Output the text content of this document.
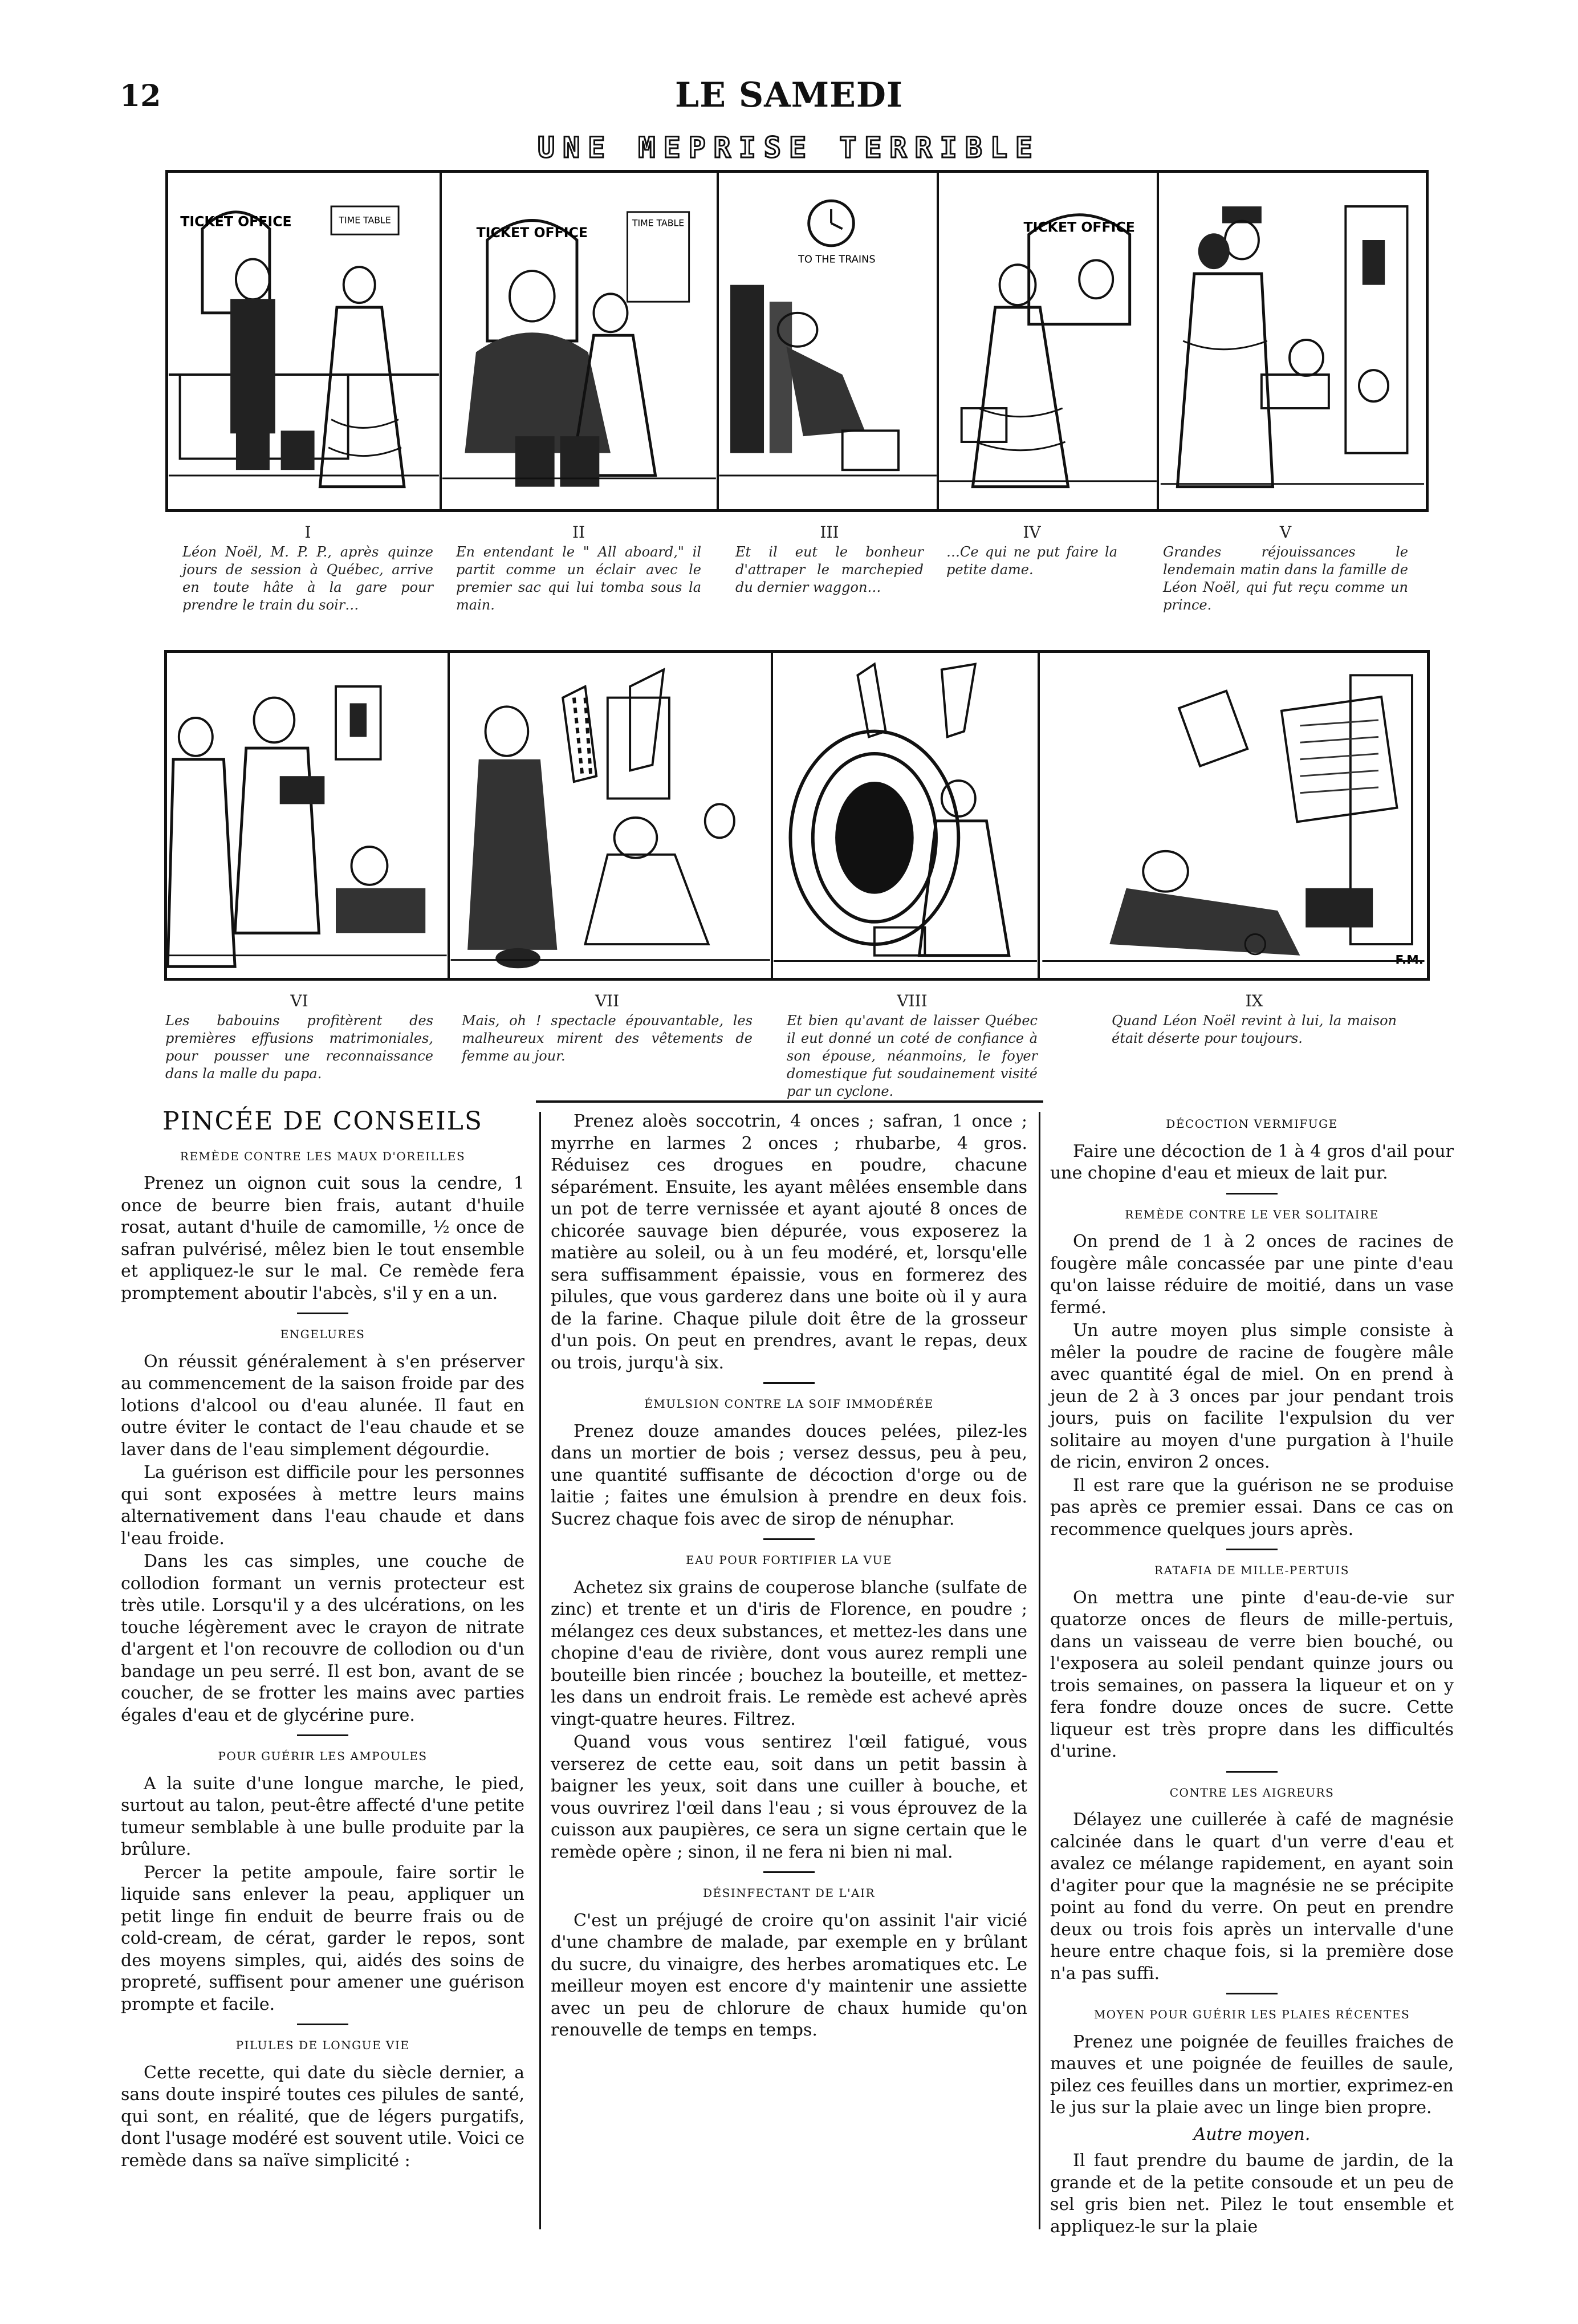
12	LE SAMEDI
UNE MEPRISE TERRIBLE
TICKET OFFICE	TIME TABLE
TICKET OFFICE
TIME TABLE
TO THE TRAINS
TICKET OFFICE
I
Léon Noël, M. P. P., après quinze jours de session à Québec, arrive en toute hâte à la gare pour prendre le train du soir…
II
En entendant le " All aboard," il partit comme un éclair avec le premier sac qui lui tomba sous la main.
III
Et il eut le bonheur d'attraper le marchepied du dernier waggon…
IV
…Ce qui ne put faire la petite dame.
V
Grandes réjouissances le lendemain matin dans la famille de Léon Noël, qui fut reçu comme un prince.
F.M.
VI
Les babouins profitèrent des premières effusions matrimoniales, pour pousser une reconnaissance dans la malle du papa.
VII
Mais, oh ! spectacle épouvantable, les malheureux mirent des vêtements de femme au jour.
VIII
Et bien qu'avant de laisser Québec il eut donné un coté de confiance à son épouse, néanmoins, le foyer domestique fut soudainement visité par un cyclone.
IX
Quand Léon Noël revint à lui, la maison était déserte pour toujours.
PINCÉE DE CONSEILS
REMÈDE CONTRE LES MAUX D'OREILLES

Prenez un oignon cuit sous la cendre, 1 once de beurre bien frais, autant d'huile rosat, autant d'huile de camomille, ½ once de safran pulvérisé, mêlez bien le tout ensemble et appliquez-le sur le mal. Ce remède fera promptement aboutir l'abcès, s'il y en a un.

ENGELURES

On réussit généralement à s'en préserver au commencement de la saison froide par des lotions d'alcool ou d'eau alunée. Il faut en outre éviter le contact de l'eau chaude et se laver dans de l'eau simplement dégourdie.

La guérison est difficile pour les personnes qui sont exposées à mettre leurs mains alternativement dans l'eau chaude et dans l'eau froide.

Dans les cas simples, une couche de collodion formant un vernis protecteur est très utile. Lorsqu'il y a des ulcérations, on les touche légèrement avec le crayon de nitrate d'argent et l'on recouvre de collodion ou d'un bandage un peu serré. Il est bon, avant de se coucher, de se frotter les mains avec parties égales d'eau et de glycérine pure.

POUR GUÉRIR LES AMPOULES

A la suite d'une longue marche, le pied, surtout au talon, peut-être affecté d'une petite tumeur semblable à une bulle produite par la brûlure.

Percer la petite ampoule, faire sortir le liquide sans enlever la peau, appliquer un petit linge fin enduit de beurre frais ou de cold-cream, de cérat, garder le repos, sont des moyens simples, qui, aidés des soins de propreté, suffisent pour amener une guérison prompte et facile.

PILULES DE LONGUE VIE

Cette recette, qui date du siècle dernier, a sans doute inspiré toutes ces pilules de santé, qui sont, en réalité, que de légers purgatifs, dont l'usage modéré est souvent utile. Voici ce remède dans sa naïve simplicité :

Prenez aloès soccotrin, 4 onces ; safran, 1 once ; myrrhe en larmes 2 onces ; rhubarbe, 4 gros. Réduisez ces drogues en poudre, chacune séparément. Ensuite, les ayant mêlées ensemble dans un pot de terre vernissée et ayant ajouté 8 onces de chicorée sauvage bien dépurée, vous exposerez la matière au soleil, ou à un feu modéré, et, lorsqu'elle sera suffisamment épaissie, vous en formerez des pilules, que vous garderez dans une boite où il y aura de la farine. Chaque pilule doit être de la grosseur d'un pois. On peut en prendres, avant le repas, deux ou trois, jurqu'à six.

ÉMULSION CONTRE LA SOIF IMMODÉRÉE

Prenez douze amandes douces pelées, pilez-les dans un mortier de bois ; versez dessus, peu à peu, une quantité suffisante de décoction d'orge ou de laitie ; faites une émulsion à prendre en deux fois. Sucrez chaque fois avec de sirop de nénuphar.

EAU POUR FORTIFIER LA VUE

Achetez six grains de couperose blanche (sulfate de zinc) et trente et un d'iris de Florence, en poudre ; mélangez ces deux substances, et mettez-les dans une chopine d'eau de rivière, dont vous aurez rempli une bouteille bien rincée ; bouchez la bouteille, et mettez-les dans un endroit frais. Le remède est achevé après vingt-quatre heures. Filtrez.

Quand vous vous sentirez l'œil fatigué, vous verserez de cette eau, soit dans un petit bassin à baigner les yeux, soit dans une cuiller à bouche, et vous ouvrirez l'œil dans l'eau ; si vous éprouvez de la cuisson aux paupières, ce sera un signe certain que le remède opère ; sinon, il ne fera ni bien ni mal.

DÉSINFECTANT DE L'AIR

C'est un préjugé de croire qu'on assinit l'air vicié d'une chambre de malade, par exemple en y brûlant du sucre, du vinaigre, des herbes aromatiques etc. Le meilleur moyen est encore d'y maintenir une assiette avec un peu de chlorure de chaux humide qu'on renouvelle de temps en temps.

DÉCOCTION VERMIFUGE

Faire une décoction de 1 à 4 gros d'ail pour une chopine d'eau et mieux de lait pur.

REMÈDE CONTRE LE VER SOLITAIRE

On prend de 1 à 2 onces de racines de fougère mâle concassée par une pinte d'eau qu'on laisse réduire de moitié, dans un vase fermé.

Un autre moyen plus simple consiste à mêler la poudre de racine de fougère mâle avec quantité égal de miel. On en prend à jeun de 2 à 3 onces par jour pendant trois jours, puis on facilite l'expulsion du ver solitaire au moyen d'une purgation à l'huile de ricin, environ 2 onces.

Il est rare que la guérison ne se produise pas après ce premier essai. Dans ce cas on recommence quelques jours après.

RATAFIA DE MILLE-PERTUIS

On mettra une pinte d'eau-de-vie sur quatorze onces de fleurs de mille-pertuis, dans un vaisseau de verre bien bouché, ou l'exposera au soleil pendant quinze jours ou trois semaines, on passera la liqueur et on y fera fondre douze onces de sucre. Cette liqueur est très propre dans les difficultés d'urine.

CONTRE LES AIGREURS

Délayez une cuillerée à café de magnésie calcinée dans le quart d'un verre d'eau et avalez ce mélange rapidement, en ayant soin d'agiter pour que la magnésie ne se précipite point au fond du verre. On peut en prendre deux ou trois fois après un intervalle d'une heure entre chaque fois, si la première dose n'a pas suffi.

MOYEN POUR GUÉRIR LES PLAIES RÉCENTES

Prenez une poignée de feuilles fraiches de mauves et une poignée de feuilles de saule, pilez ces feuilles dans un mortier, exprimez-en le jus sur la plaie avec un linge bien propre.

Autre moyen.

Il faut prendre du baume de jardin, de la grande et de la petite consoude et un peu de sel gris bien net. Pilez le tout ensemble et appliquez-le sur la plaie
